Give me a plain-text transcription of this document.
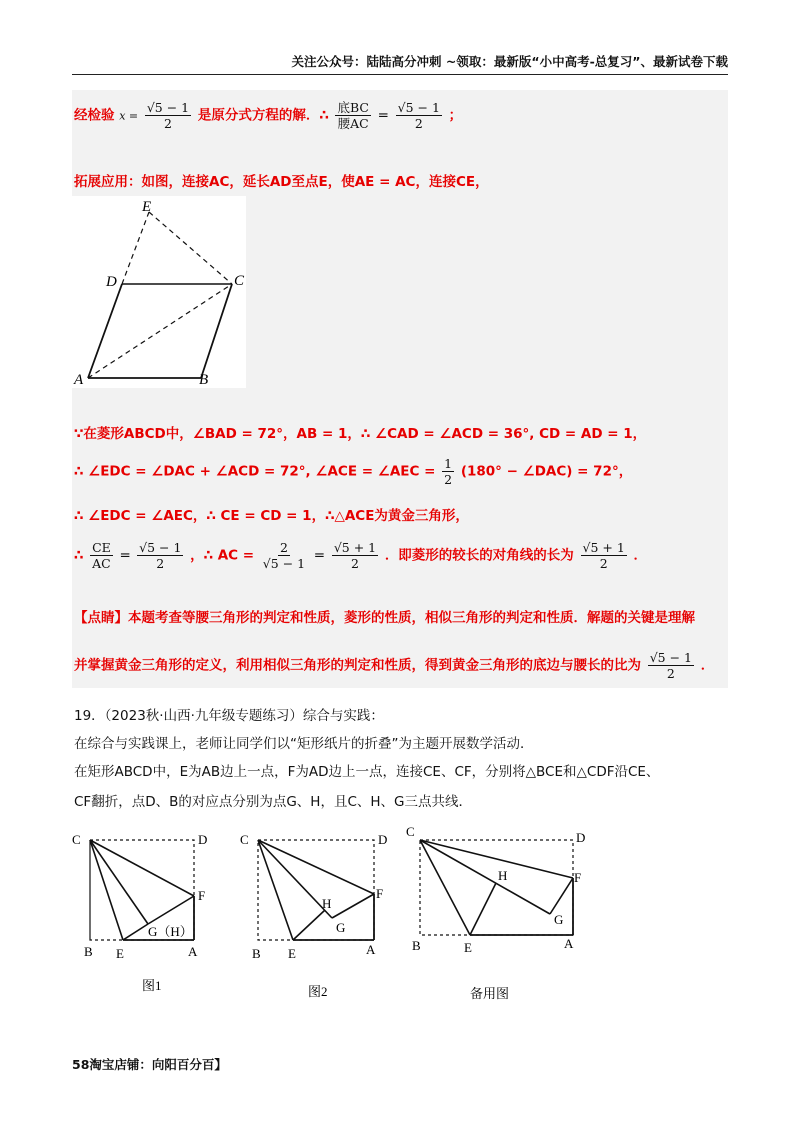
关注公众号：陆陆高分冲刺 ~领取：最新版“小中高考-总复习”、最新试卷下载
经检验 $x = \frac{√5 - 1}{2}$ 是原分式方程的解．∴ $\frac{\text{底BC}}{\text{腰AC}} = \frac{√5 - 1}{2}$ ；
拓展应用：如图，连接AC，延长AD至点E，使AE = AC，连接CE，
E
D	C
A	B
∵在菱形ABCD中，∠BAD = 72°，AB = 1，∴ ∠CAD = ∠ACD = 36°, CD = AD = 1，
∴ ∠EDC = ∠DAC + ∠ACD = 72°, ∠ACE = ∠AEC = $\frac{1}{2} (180^\circ$ − ∠DAC) = 72°，
∴ ∠EDC = ∠AEC，∴ CE = CD = 1，∴△ACE为黄金三角形，
∴ $\frac{CE}{AC} = \frac{√5 - 1}{2}$ ，∴ AC = $\frac{2}{√5 - 1} = \frac{√5 + 1}{2}$ ．即菱形的较长的对角线的长为 $\frac{√5 + 1}{2}$ ．
【点睛】本题考查等腰三角形的判定和性质，菱形的性质，相似三角形的判定和性质．解题的关键是理解
并掌握黄金三角形的定义，利用相似三角形的判定和性质，得到黄金三角形的底边与腰长的比为 $\frac{√5 - 1}{2}$ ．
19．（2023秋·山西·九年级专题练习）综合与实践：
在综合与实践课上，老师让同学们以“矩形纸片的折叠”为主题开展数学活动．
在矩形ABCD中，E为AB边上一点，F为AD边上一点，连接CE、CF，分别将△BCE和△CDF沿CE、
CF翻折，点D、B的对应点分别为点G、H，且C、H、G三点共线．
C	D
F
G（H）
B E	A
图1
C	D
F
H
G
B E	A
图2
C	D
F
H
G
B	E	A
备用图
58淘宝店铺：向阳百分百】
